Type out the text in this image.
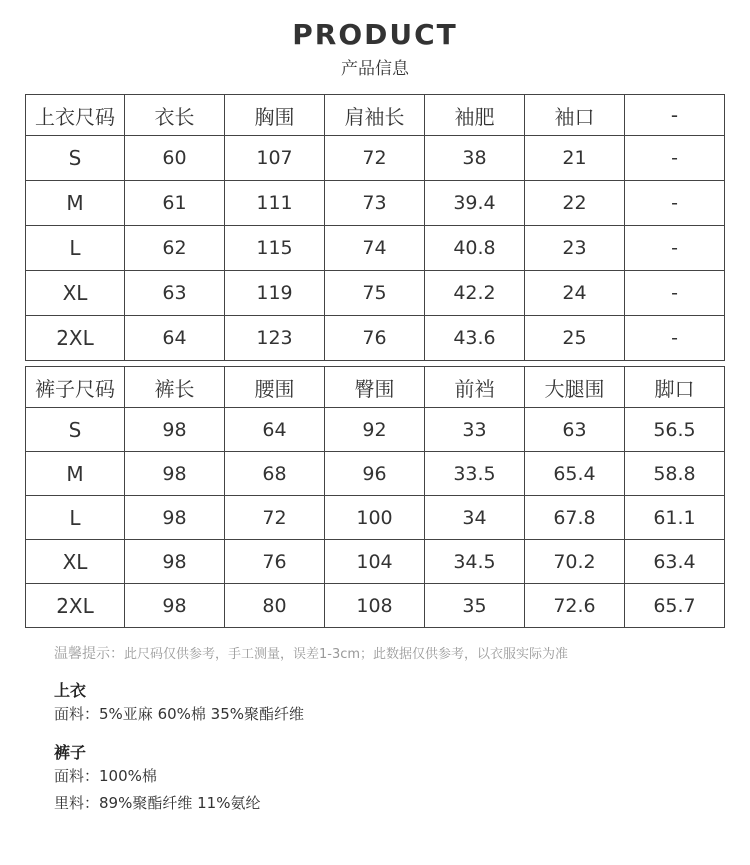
PRODUCT
产品信息
上衣尺码	衣长	胸围	肩袖长	袖肥	袖口	-
S	60	107	72	38	21	-
M	61	111	73	39.4	22	-
L	62	115	74	40.8	23	-
XL	63	119	75	42.2	24	-
2XL	64	123	76	43.6	25	-
裤子尺码	裤长	腰围	臀围	前裆	大腿围	脚口
S	98	64	92	33	63	56.5
M	98	68	96	33.5	65.4	58.8
L	98	72	100	34	67.8	61.1
XL	98	76	104	34.5	70.2	63.4
2XL	98	80	108	35	72.6	65.7
温馨提示：此尺码仅供参考，手工测量，误差1-3cm；此数据仅供参考，以衣服实际为准
上衣
面料：5%亚麻 60%棉 35%聚酯纤维
裤子
面料：100%棉
里料：89%聚酯纤维 11%氨纶
